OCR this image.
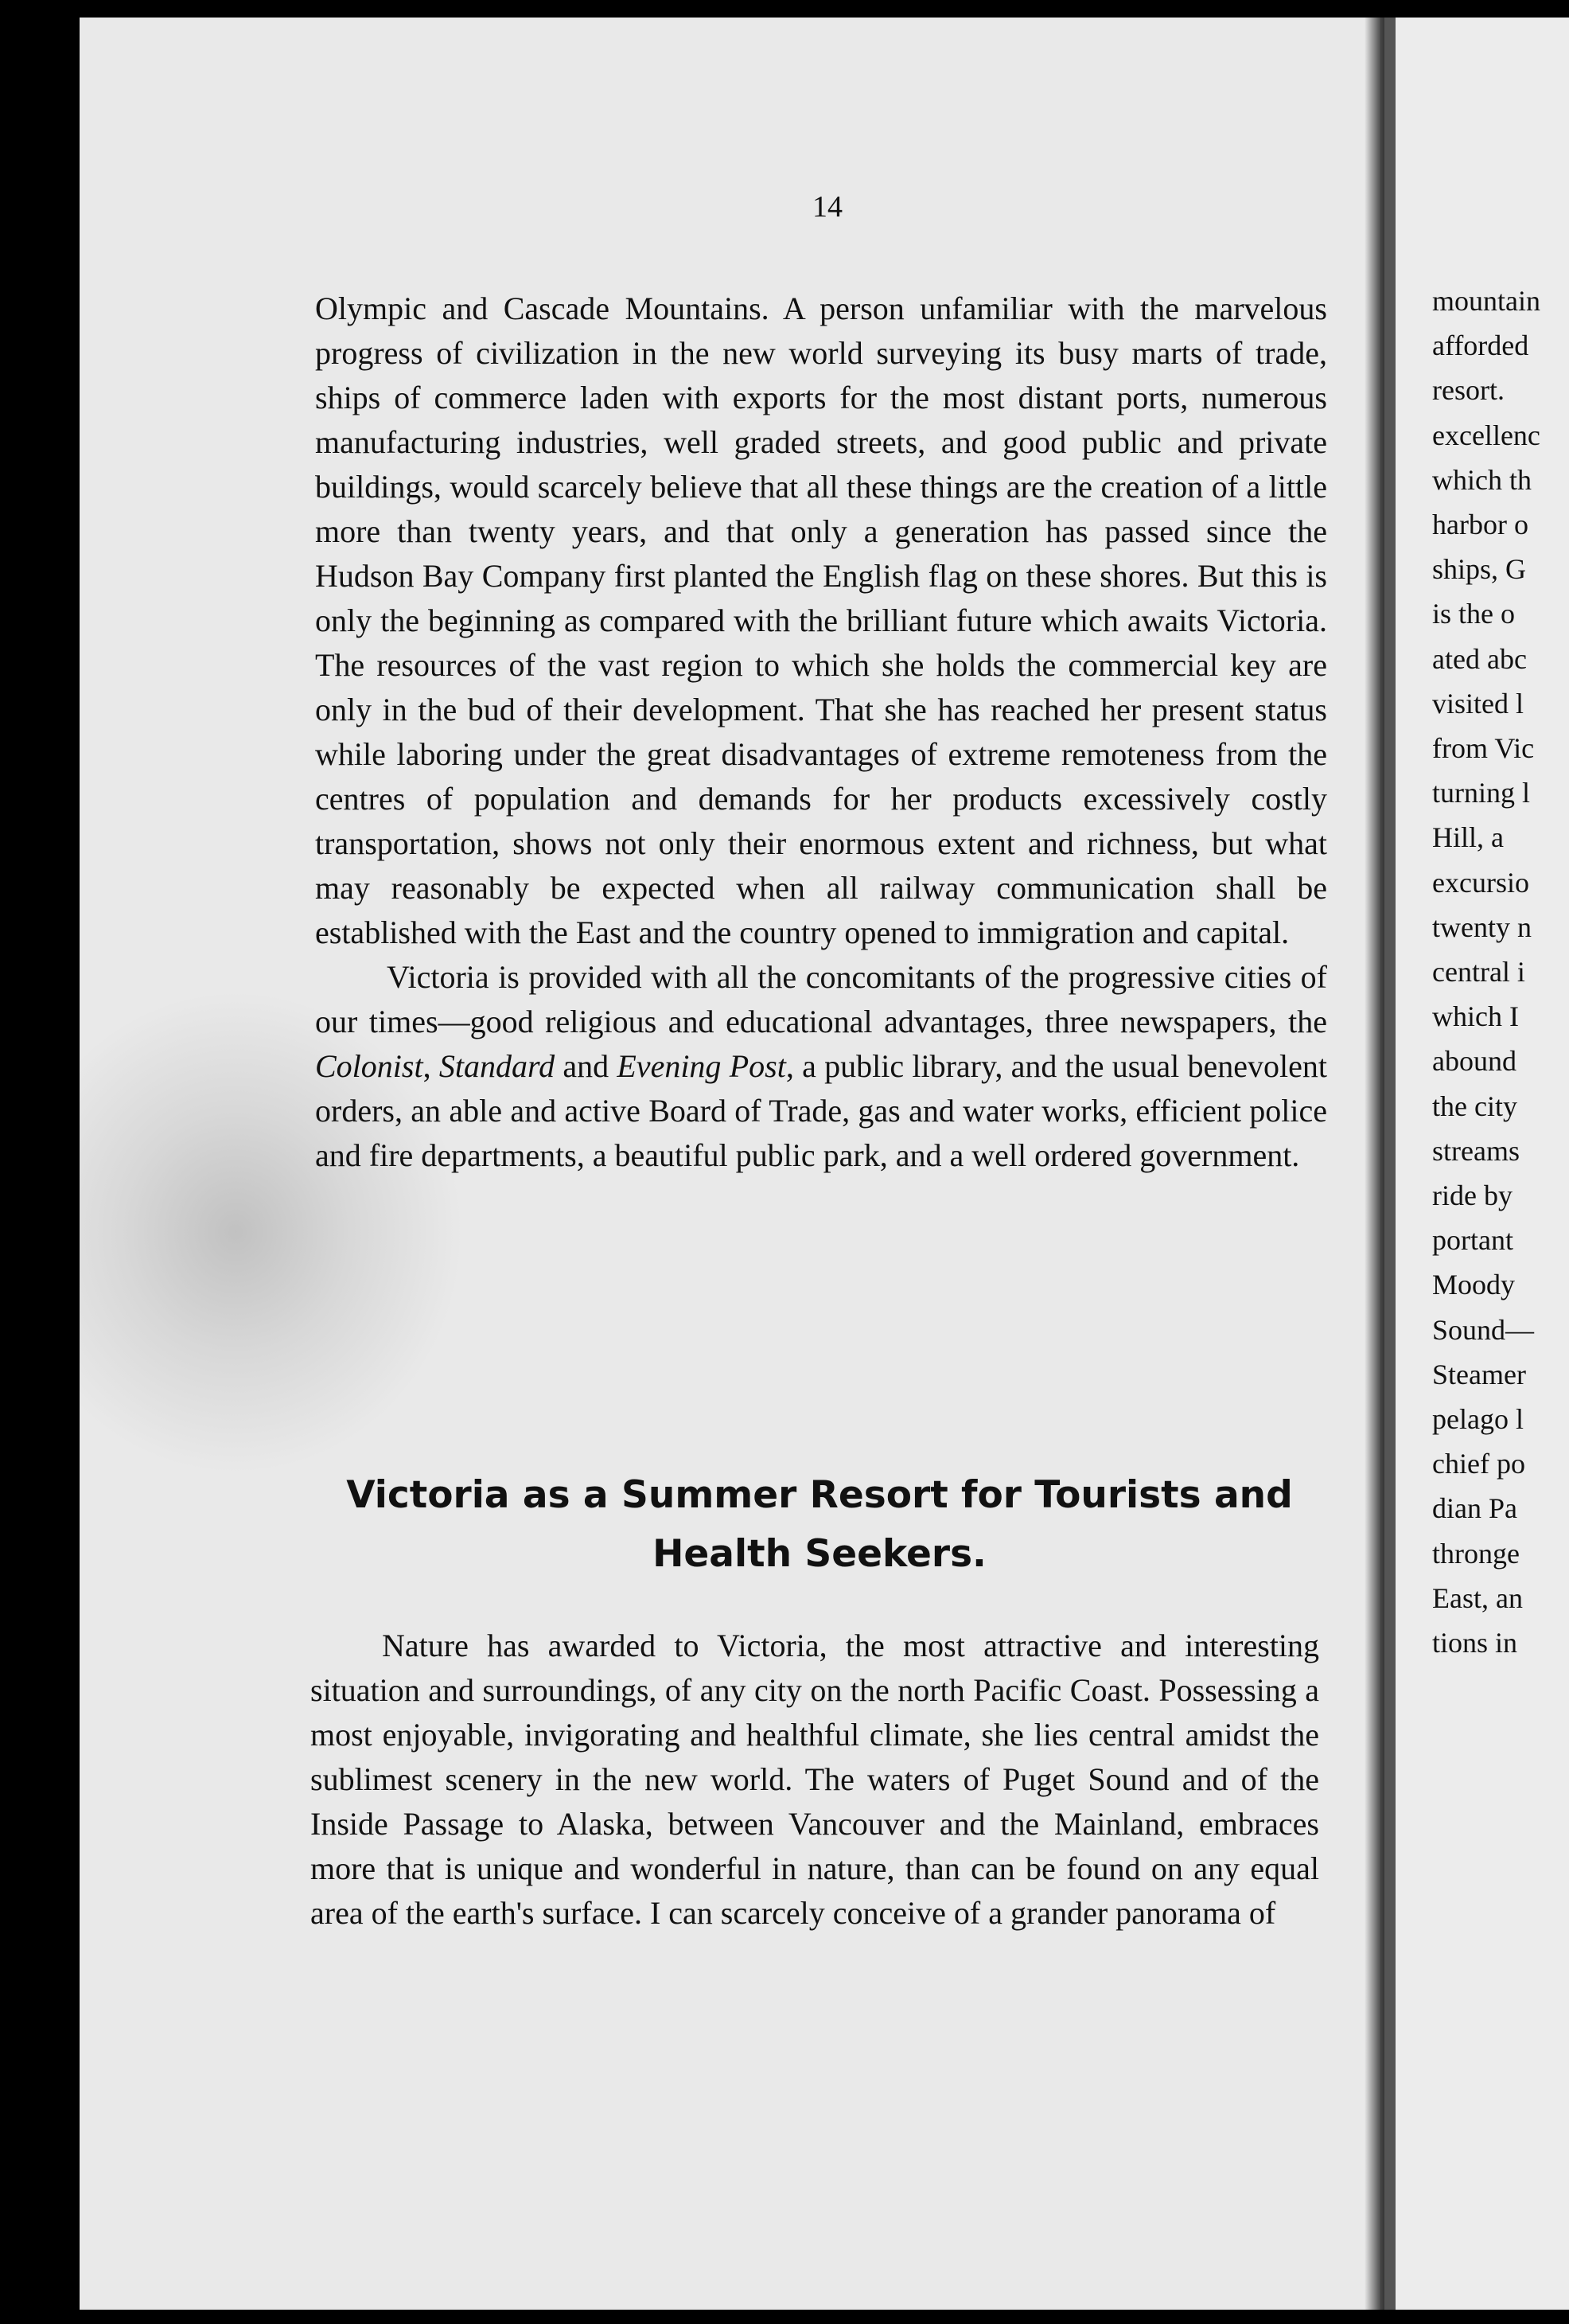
14

Olympic and Cascade Mountains. A person unfamiliar with the marvelous progress of civilization in the new world surveying its busy marts of trade, ships of commerce laden with exports for the most distant ports, numerous manufacturing industries, well graded streets, and good public and private buildings, would scarcely believe that all these things are the creation of a little more than twenty years, and that only a generation has passed since the Hudson Bay Company first planted the English flag on these shores. But this is only the beginning as compared with the brilliant future which awaits Victoria. The resources of the vast region to which she holds the commercial key are only in the bud of their development. That she has reached her present status while laboring under the great disadvantages of extreme remoteness from the centres of population and demands for her products excessively costly transportation, shows not only their enormous extent and richness, but what may reasonably be expected when all railway communication shall be established with the East and the country opened to immigration and capital.

Victoria is provided with all the concomitants of the progressive cities of our times—good religious and educational advantages, three newspapers, the Colonist, Standard and Evening Post, a public library, and the usual benevolent orders, an able and active Board of Trade, gas and water works, efficient police and fire departments, a beautiful public park, and a well ordered government.

Victoria as a Summer Resort for Tourists and
Health Seekers.

Nature has awarded to Victoria, the most attractive and interesting situation and surroundings, of any city on the north Pacific Coast. Possessing a most enjoyable, invigorating and healthful climate, she lies central amidst the sublimest scenery in the new world. The waters of Puget Sound and of the Inside Passage to Alaska, between Vancouver and the Mainland, embraces more that is unique and wonderful in nature, than can be found on any equal area of the earth's surface. I can scarcely conceive of a grander panorama of

mountain
afforded
resort.
excellenc
which th
harbor o
ships, G
is the o
ated abc
visited l
from Vic
turning l
Hill, a
excursio
twenty n
central i
which I
abound
the city
streams
ride by
portant
Moody
Sound—
Steamer
pelago l
chief po
dian Pa
thronge
East, an
tions in
